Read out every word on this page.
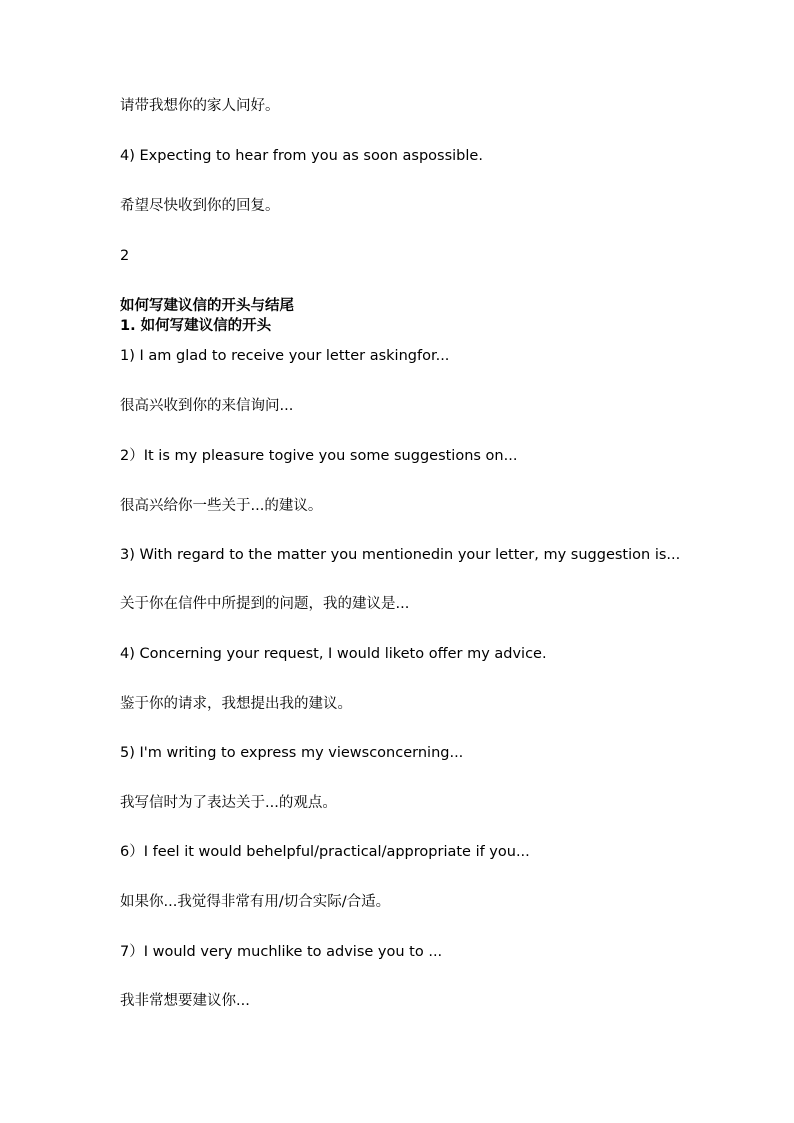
请带我想你的家人问好。

4) Expecting to hear from you as soon aspossible.

希望尽快收到你的回复。

2

如何写建议信的开头与结尾

1. 如何写建议信的开头

1) I am glad to receive your letter askingfor...

很高兴收到你的来信询问...

2）It is my pleasure togive you some suggestions on...

很高兴给你一些关于...的建议。

3) With regard to the matter you mentionedin your letter, my suggestion is...

关于你在信件中所提到的问题，我的建议是...

4) Concerning your request, I would liketo offer my advice.

鉴于你的请求，我想提出我的建议。

5) I'm writing to express my viewsconcerning...

我写信时为了表达关于...的观点。

6）I feel it would behelpful/practical/appropriate if you...

如果你...我觉得非常有用/切合实际/合适。

7）I would very muchlike to advise you to ...

我非常想要建议你...
